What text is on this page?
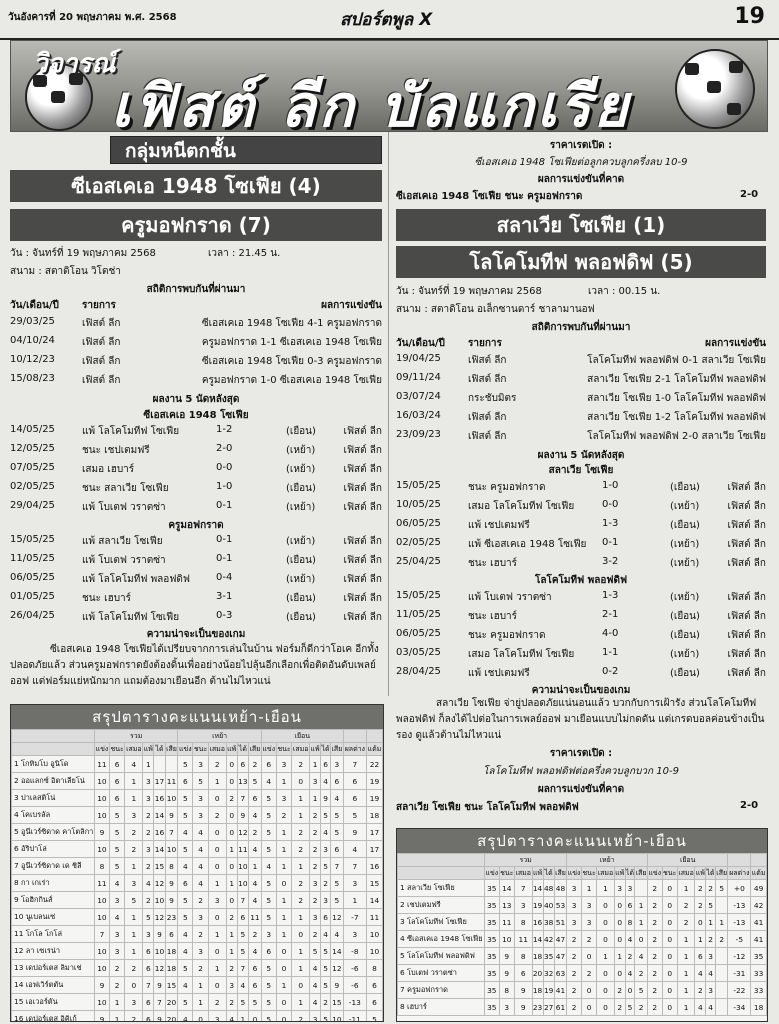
วันอังคารที่ 20 พฤษภาคม พ.ศ. 2568	สปอร์ตพูล X	19
วิจารณ์
เฟิสต์ ลีก บัลแกเรีย
กลุ่มหนีตกชั้น
ซีเอสเคเอ 1948 โซเฟีย (4)
ครูมอฟกราด (7)
วัน : จันทร์ที่ 19 พฤษภาคม 2568	เวลา : 21.45 น.
สนาม : สตาดิโอน วิโตช่า
สถิติการพบกันที่ผ่านมา
วัน/เดือน/ปี รายการ	ผลการแข่งขัน
29/03/25	เฟิสต์ ลีก	ซีเอสเคเอ 1948 โซเฟีย 4-1 ครูมอฟกราด
04/10/24	เฟิสต์ ลีก	ครูมอฟกราด 1-1 ซีเอสเคเอ 1948 โซเฟีย
10/12/23	เฟิสต์ ลีก	ซีเอสเคเอ 1948 โซเฟีย 0-3 ครูมอฟกราด
15/08/23	เฟิสต์ ลีก	ครูมอฟกราด 1-0 ซีเอสเคเอ 1948 โซเฟีย
ผลงาน 5 นัดหลังสุด
ซีเอสเคเอ 1948 โซเฟีย
14/05/25	แพ้ โลโคโมทีฟ โซเฟีย	1-2	(เยือน)	เฟิสต์ ลีก
12/05/25	ชนะ เชปเตมฟรี	2-0	(เหย้า)	เฟิสต์ ลีก
07/05/25	เสมอ เฮบาร์	0-0	(เหย้า)	เฟิสต์ ลีก
02/05/25	ชนะ สลาเวีย โซเฟีย	1-0	(เยือน)	เฟิสต์ ลีก
29/04/25	แพ้ โบเตฟ วราตซ่า	0-1	(เหย้า)	เฟิสต์ ลีก
ครูมอฟกราด
15/05/25	แพ้ สลาเวีย โซเฟีย	0-1	(เหย้า)	เฟิสต์ ลีก
11/05/25	แพ้ โบเตฟ วราตซ่า	0-1	(เยือน)	เฟิสต์ ลีก
06/05/25	แพ้ โลโคโมทีฟ พลอฟดิฟ	0-4	(เหย้า)	เฟิสต์ ลีก
01/05/25	ชนะ เฮบาร์	3-1	(เยือน)	เฟิสต์ ลีก
26/04/25	แพ้ โลโคโมทีฟ โซเฟีย	0-3	(เยือน)	เฟิสต์ ลีก
ความน่าจะเป็นของเกม
ซีเอสเคเอ 1948 โซเฟียได้เปรียบจากการเล่นในบ้าน ฟอร์มก็ดีกว่าโอเค อีกทั้งปลอดภัยแล้ว ส่วนครูมอฟกราดยังต้องดิ้นเพื่ออย่างน้อยไปลุ้นอีกเลือกเพื่อติดอันดับเพลย์ออฟ แต่ฟอร์มแย่หนักมาก แถมต้องมาเยือนอีก ต้านไม่ไหวแน่
ราคาเรตเปิด :
ซีเอสเคเอ 1948 โซเฟียต่อลูกควบลูกครึ่งลบ 10-9
ผลการแข่งขันที่คาด
ซีเอสเคเอ 1948 โซเฟีย ชนะ ครูมอฟกราด	2-0
สลาเวีย โซเฟีย (1)
โลโคโมทีฟ พลอฟดิฟ (5)
วัน : จันทร์ที่ 19 พฤษภาคม 2568	เวลา : 00.15 น.
สนาม : สตาดิโอน อเล็กซานดาร์ ชาลามานอฟ
สถิติการพบกันที่ผ่านมา
วัน/เดือน/ปี รายการ	ผลการแข่งขัน
19/04/25	เฟิสต์ ลีก	โลโคโมทีฟ พลอฟดิฟ 0-1 สลาเวีย โซเฟีย
09/11/24	เฟิสต์ ลีก	สลาเวีย โซเฟีย 2-1 โลโคโมทีฟ พลอฟดิฟ
03/07/24	กระชับมิตร	สลาเวีย โซเฟีย 1-0 โลโคโมทีฟ พลอฟดิฟ
16/03/24	เฟิสต์ ลีก	สลาเวีย โซเฟีย 1-2 โลโคโมทีฟ พลอฟดิฟ
23/09/23	เฟิสต์ ลีก	โลโคโมทีฟ พลอฟดิฟ 2-0 สลาเวีย โซเฟีย
ผลงาน 5 นัดหลังสุด
สลาเวีย โซเฟีย
15/05/25	ชนะ ครูมอฟกราด	1-0	(เยือน)	เฟิสต์ ลีก
10/05/25	เสมอ โลโคโมทีฟ โซเฟีย	0-0	(เหย้า)	เฟิสต์ ลีก
06/05/25	แพ้ เชปเตมฟรี	1-3	(เยือน)	เฟิสต์ ลีก
02/05/25	แพ้ ซีเอสเคเอ 1948 โซเฟีย 0-1	(เหย้า)	เฟิสต์ ลีก
25/04/25	ชนะ เฮบาร์	3-2	(เหย้า)	เฟิสต์ ลีก
โลโคโมทีฟ พลอฟดิฟ
15/05/25	แพ้ โบเตฟ วราตซ่า	1-3	(เหย้า)	เฟิสต์ ลีก
11/05/25	ชนะ เฮบาร์	2-1	(เยือน)	เฟิสต์ ลีก
06/05/25	ชนะ ครูมอฟกราด	4-0	(เยือน)	เฟิสต์ ลีก
03/05/25	เสมอ โลโคโมทีฟ โซเฟีย	1-1	(เหย้า)	เฟิสต์ ลีก
28/04/25	แพ้ เชปเตมฟรี	0-2	(เยือน)	เฟิสต์ ลีก
ความน่าจะเป็นของเกม
สลาเวีย โซเฟีย จ่ายู่ปลอดภัยแน่นอนแล้ว บวกกับการเฝ้ารัง ส่วนโลโคโมทีฟ พลอฟดิฟ ก็ลงได้ไปต่อในการเพลย์ออฟ มาเยือนแบบไม่กดดัน แต่เกรดบอลค่อนข้างเป็นรอง ดูแล้วต้านไม่ไหวแน่
ราคาเรตเปิด :
โลโคโมทีฟ พลอฟดิฟต่อครึ่งควบลูกบวก 10-9
ผลการแข่งขันที่คาด
สลาเวีย โซเฟีย ชนะ โลโคโมทีฟ พลอฟดิฟ	2-0
สรุปตารางคะแนนเหย้า-เยือน
	รวม						เหย้า						เยือน							
	แข่ง	ชนะ	เสมอ	แพ้	ได้	เสีย	แข่ง	ชนะ	เสมอ	แพ้	ได้	เสีย	แข่ง	ชนะ	เสมอ	แพ้	ได้	เสีย	ผลต่าง	แต้ม
1 โกทิมโบ อูนิโด	11	6	4	1			5	3	2	0	6	2	6	3	2	1	6	3	7	22
2 ออแลกซ์ อิตาเลียโน่	10	6	1	3	17	11	6	5	1	0	13	5	4	1	0	3	4	6	6	19
3 ปาเลสติโน่	10	6	1	3	16	10	5	3	0	2	7	6	5	3	1	1	9	4	6	19
4 โคเบรลัล	10	5	3	2	14	9	5	3	2	0	9	4	5	2	1	2	5	5	5	18
5 อูนีเวร์ซิดาด คาโตลิกา	9	5	2	2	16	7	4	4	0	0	12	2	5	1	2	2	4	5	9	17
6 อัริปาโล่	10	5	2	3	14	10	5	4	0	1	11	4	5	1	2	2	3	6	4	17
7 อูนีเวร์ซิดาด เด ชิลี	8	5	1	2	15	8	4	4	0	0	10	1	4	1	1	2	5	7	7	16
8 กา เกเร่า	11	4	3	4	12	9	6	4	1	1	10	4	5	0	2	3	2	5	3	15
9 โอฮิกกินส์	10	3	5	2	10	9	5	2	3	0	7	4	5	1	2	2	3	5	1	14
10 นูเบลนเซ่	10	4	1	5	12	23	5	3	0	2	6	11	5	1	1	3	6	12	-7	11
11 โกโล โกโล่	7	3	1	3	9	6	4	2	1	1	5	2	3	1	0	2	4	4	3	10
12 ลา เซเรน่า	10	3	1	6	10	18	4	3	0	1	5	4	6	0	1	5	5	14	-8	10
13 เดปอร์เตส ลิมาเช่	10	2	2	6	12	18	5	2	1	2	7	6	5	0	1	4	5	12	-6	8
14 เอฟเวิร์ตตัน	9	2	0	7	9	15	4	1	0	3	4	6	5	1	0	4	5	9	-6	6
15 เอเวอร์ตัน	10	1	3	6	7	20	5	1	2	2	5	5	5	0	1	4	2	15	-13	6
16 เดปอร์เตส อิคิเก้	9	1	2	6	9	20	4	0	3	4	1	0	5	0	2	3	5	10	-11	5
สรุปตารางคะแนนเหย้า-เยือน
	รวม						เหย้า						เยือน							
	แข่ง	ชนะ	เสมอ	แพ้	ได้	เสีย	แข่ง	ชนะ	เสมอ	แพ้	ได้	เสีย	แข่ง	ชนะ	เสมอ	แพ้	ได้	เสีย	ผลต่าง	แต้ม
1 สลาเวีย โซเฟีย	35	14	7	14	48	48	3	1	1	3	3		2	0	1	2	2	5	+0	49
2 เชปเตมฟรี	35	13	3	19	40	53	3	3	0	0	6	1	2	0	2	2	5		-13	42
3 โลโคโมทีฟ โซเฟีย	35	11	8	16	38	51	3	3	0	0	8	1	2	0	2	0	1	1	-13	41
4 ซีเอสเคเอ 1948 โซเฟีย	35	10	11	14	42	47	2	2	0	0	4	0	2	0	1	1	2	2	-5	41
5 โลโคโมทีฟ พลอฟดิฟ	35	9	8	18	35	47	2	0	1	1	2	4	2	0	1	6	3		-12	35
6 โบเตฟ วราตซ่า	35	9	6	20	32	63	2	2	0	0	4	2	2	0	1	4	4		-31	33
7 ครูมอฟกราด	35	8	9	18	19	41	2	0	0	2	0	5	2	0	1	2	3		-22	33
8 เฮบาร์	35	3	9	23	27	61	2	0	0	2	5	2	2	0	1	4	4		-34	18
